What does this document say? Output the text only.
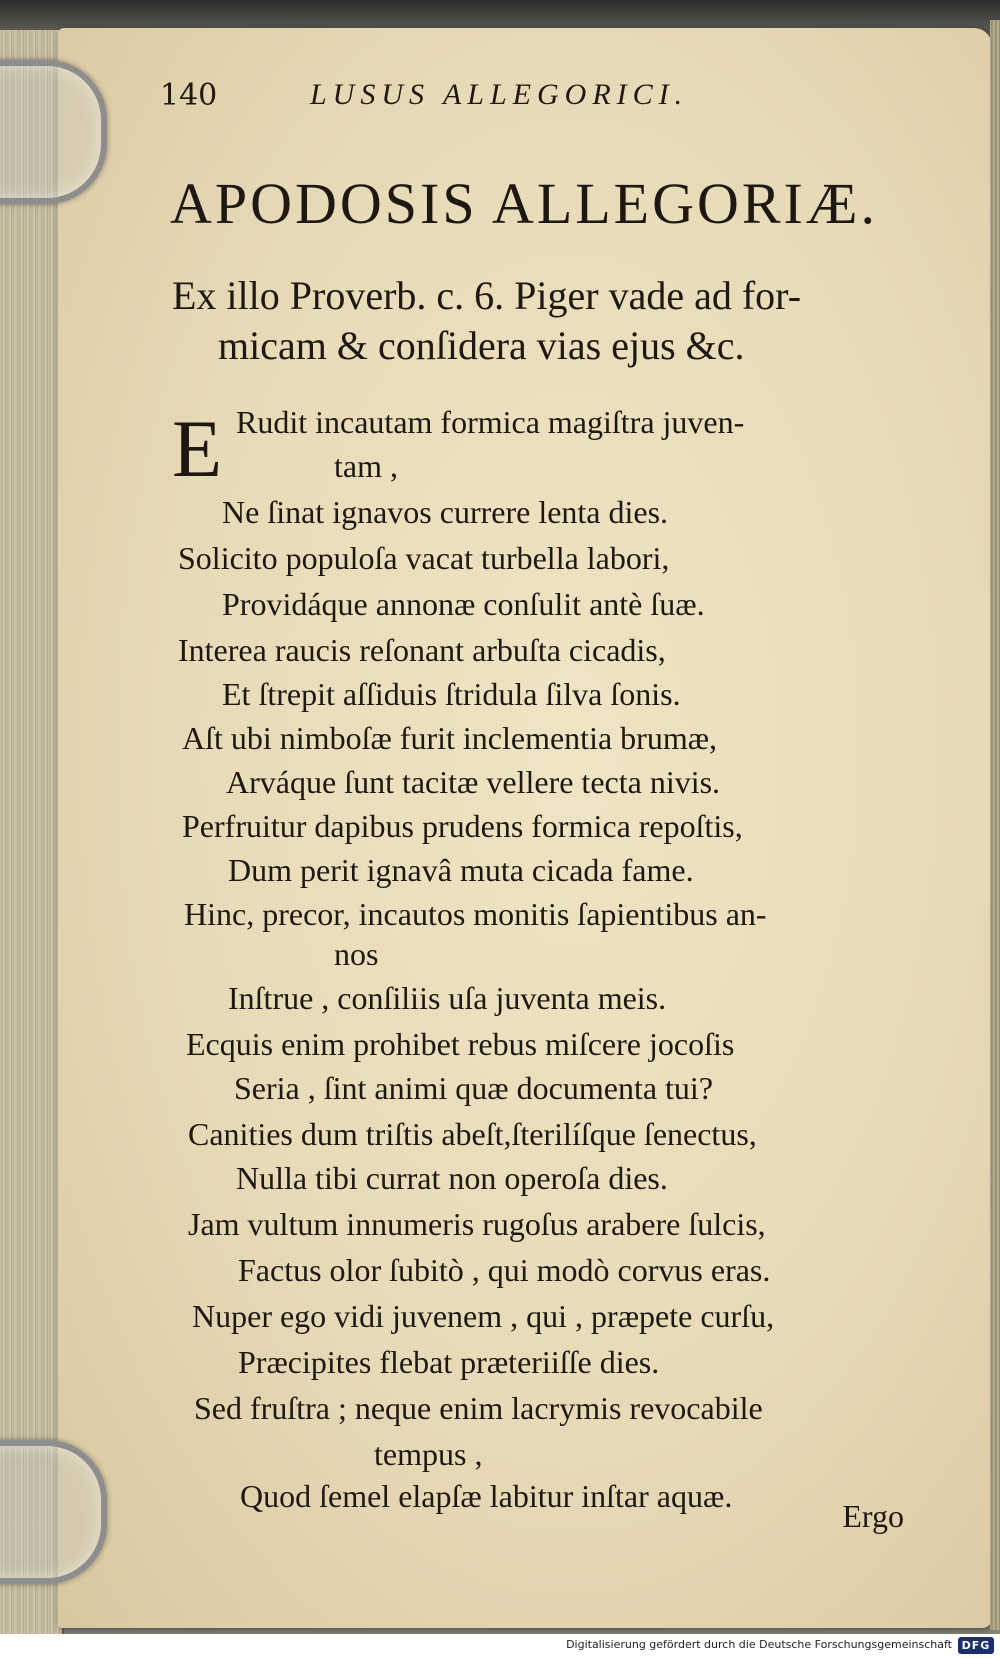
140	LUSUS ALLEGORICI.
APODOSIS ALLEGORIÆ.
Ex illo Proverb. c. 6. Piger vade ad for-
micam & conſidera vias ejus &c.
E Rudit incautam formica magiſtra juven-
tam ,
Ne ſinat ignavos currere lenta dies.
Solicito populoſa vacat turbella labori,
Providáque annonæ conſulit antè ſuæ.
Interea raucis reſonant arbuſta cicadis,
Et ſtrepit aſſiduis ſtridula ſilva ſonis.
Aſt ubi nimboſæ furit inclementia brumæ,
Arváque ſunt tacitæ vellere tecta nivis.
Perfruitur dapibus prudens formica repoſtis,
Dum perit ignavâ muta cicada fame.
Hinc, precor, incautos monitis ſapientibus an-
nos
Inſtrue , conſiliis uſa juventa meis.
Ecquis enim prohibet rebus miſcere jocoſis
Seria , ſint animi quæ documenta tui?
Canities dum triſtis abeſt,ſterilíſque ſenectus,
Nulla tibi currat non operoſa dies.
Jam vultum innumeris rugoſus arabere ſulcis,
Factus olor ſubitò , qui modò corvus eras.
Nuper ego vidi juvenem , qui , præpete curſu,
Præcipites flebat præteriiſſe dies.
Sed fruſtra ; neque enim lacrymis revocabile
tempus ,
Quod ſemel elapſæ labitur inſtar aquæ.
Ergo
Digitalisierung gefördert durch die Deutsche Forschungsgemeinschaft DFG
